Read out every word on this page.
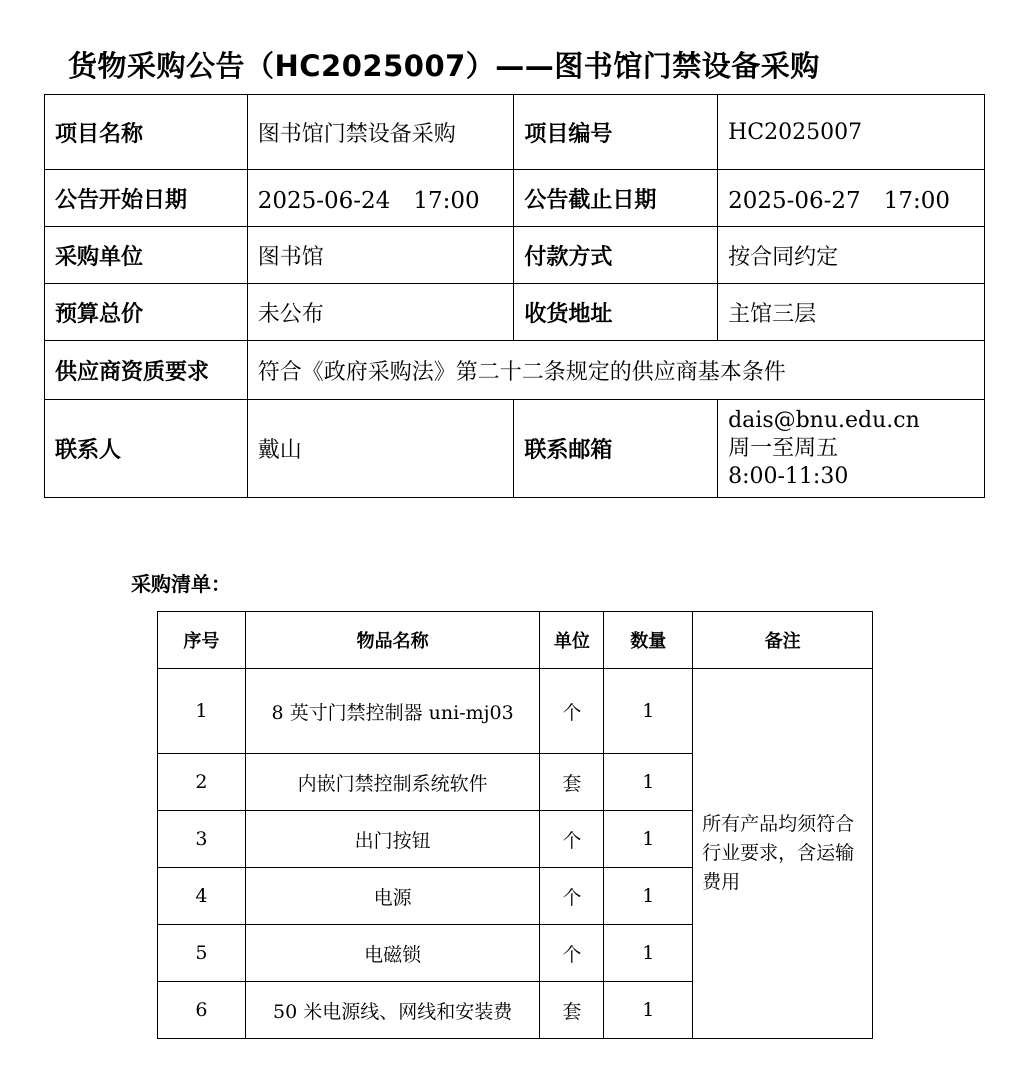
货物采购公告（HC2025007）——图书馆门禁设备采购
项目名称	图书馆门禁设备采购	项目编号	HC2025007
公告开始日期	2025-06-24　17:00	公告截止日期	2025-06-27　17:00
采购单位	图书馆	付款方式	按合同约定
预算总价	未公布	收货地址	主馆三层
供应商资质要求	符合《政府采购法》第二十二条规定的供应商基本条件		
联系人	戴山	联系邮箱	dais@bnu.edu.cn
周一至周五
8:00-11:30
采购清单：
序号	物品名称	单位	数量	备注
1	8 英寸门禁控制器 uni-mj03	个	1	所有产品均须符合行业要求，含运输费用
2	内嵌门禁控制系统软件	套	1	
3	出门按钮	个	1	
4	电源	个	1	
5	电磁锁	个	1	
6	50 米电源线、网线和安装费	套	1	
